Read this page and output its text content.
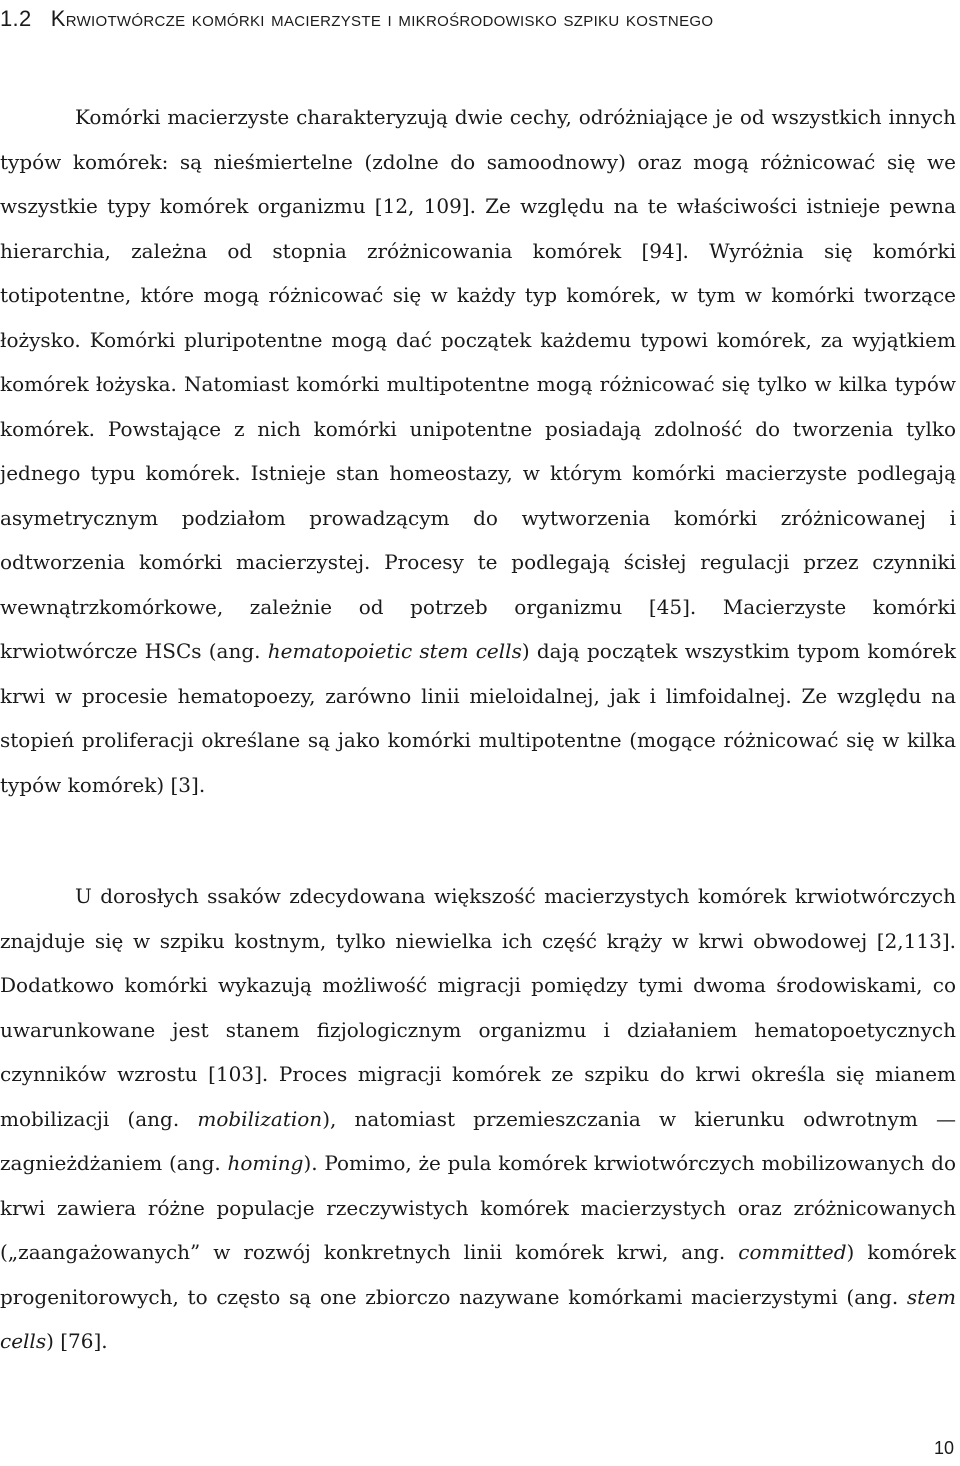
1.2 Krwiotwórcze komórki macierzyste i mikrośrodowisko szpiku kostnego

Komórki macierzyste charakteryzują dwie cechy, odróżniające je od wszystkich innych typów komórek: są nieśmiertelne (zdolne do samoodnowy) oraz mogą różnicować się we wszystkie typy komórek organizmu [12, 109]. Ze względu na te właściwości istnieje pewna hierarchia, zależna od stopnia zróżnicowania komórek [94]. Wyróżnia się komórki totipotentne, które mogą różnicować się w każdy typ komórek, w tym w komórki tworzące łożysko. Komórki pluripotentne mogą dać początek każdemu typowi komórek, za wyjątkiem komórek łożyska. Natomiast komórki multipotentne mogą różnicować się tylko w kilka typów komórek. Powstające z nich komórki unipotentne posiadają zdolność do tworzenia tylko jednego typu komórek. Istnieje stan homeostazy, w którym komórki macierzyste podlegają asymetrycznym podziałom prowadzącym do wytworzenia komórki zróżnicowanej i odtworzenia komórki macierzystej. Procesy te podlegają ścisłej regulacji przez czynniki wewnątrzkomórkowe, zależnie od potrzeb organizmu [45]. Macierzyste komórki krwiotwórcze HSCs (ang. hematopoietic stem cells) dają początek wszystkim typom komórek krwi w procesie hematopoezy, zarówno linii mieloidalnej, jak i limfoidalnej. Ze względu na stopień proliferacji określane są jako komórki multipotentne (mogące różnicować się w kilka typów komórek) [3].

U dorosłych ssaków zdecydowana większość macierzystych komórek krwiotwórczych znajduje się w szpiku kostnym, tylko niewielka ich część krąży w krwi obwodowej [2,113]. Dodatkowo komórki wykazują możliwość migracji pomiędzy tymi dwoma środowiskami, co uwarunkowane jest stanem fizjologicznym organizmu i działaniem hematopoetycznych czynników wzrostu [103]. Proces migracji komórek ze szpiku do krwi określa się mianem mobilizacji (ang. mobilization), natomiast przemieszczania w kierunku odwrotnym — zagnieżdżaniem (ang. homing). Pomimo, że pula komórek krwiotwórczych mobilizowanych do krwi zawiera różne populacje rzeczywistych komórek macierzystych oraz zróżnicowanych („zaangażowanych” w rozwój konkretnych linii komórek krwi, ang. committed) komórek progenitorowych, to często są one zbiorczo nazywane komórkami macierzystymi (ang. stem cells) [76].

10
